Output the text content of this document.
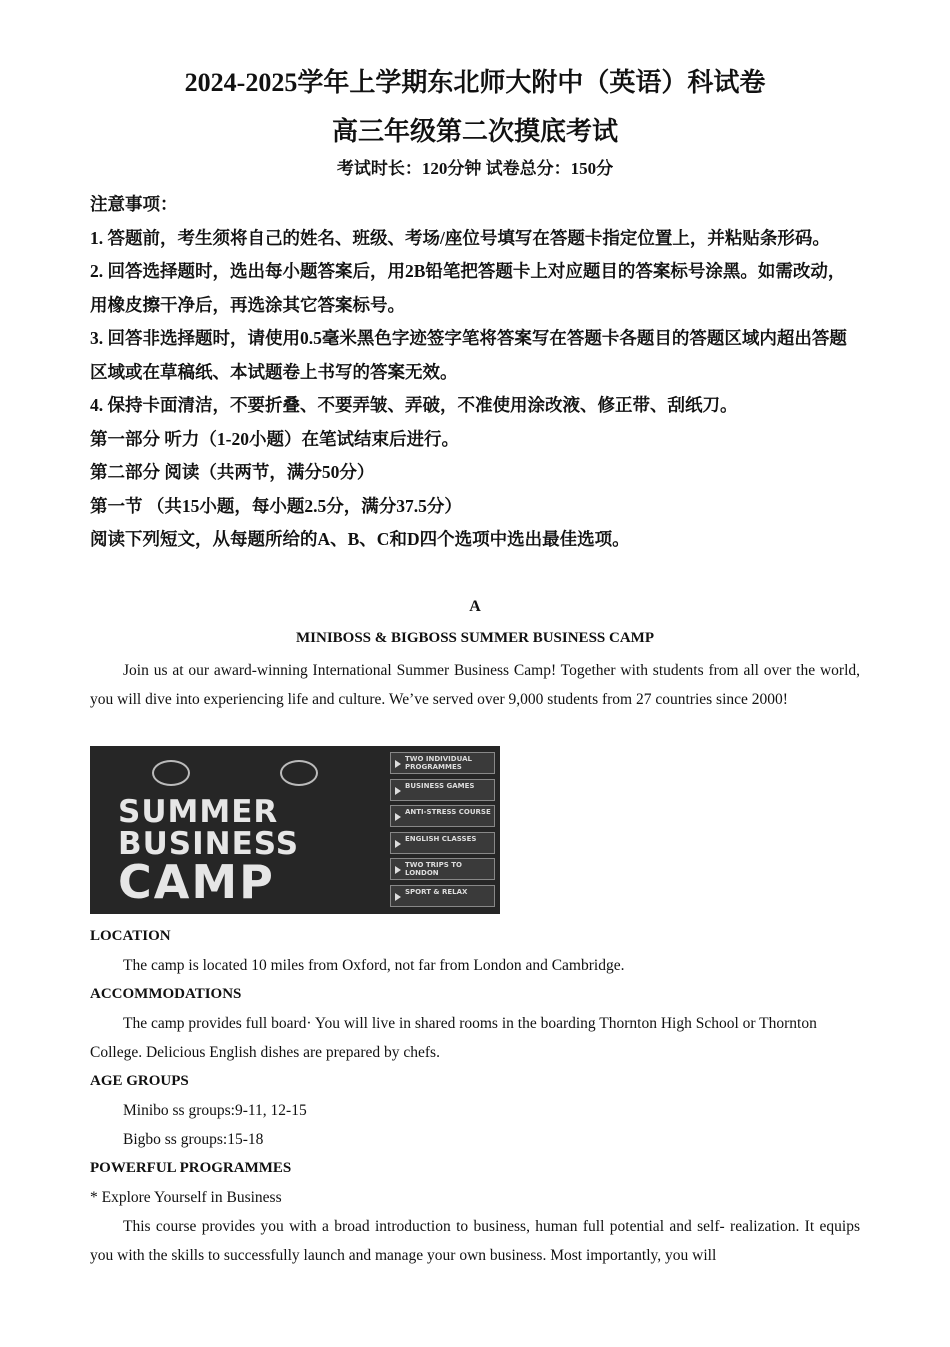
2024-2025学年上学期东北师大附中（英语）科试卷
高三年级第二次摸底考试
考试时长：120分钟 试卷总分：150分

注意事项：

1. 答题前，考生须将自己的姓名、班级、考场/座位号填写在答题卡指定位置上，并粘贴条形码。

2. 回答选择题时，选出每小题答案后，用2B铅笔把答题卡上对应题目的答案标号涂黑。如需改动，用橡皮擦干净后，再选涂其它答案标号。

3. 回答非选择题时，请使用0.5毫米黑色字迹签字笔将答案写在答题卡各题目的答题区域内超出答题区域或在草稿纸、本试题卷上书写的答案无效。

4. 保持卡面清洁，不要折叠、不要弄皱、弄破，不准使用涂改液、修正带、刮纸刀。

第一部分 听力（1-20小题）在笔试结束后进行。

第二部分 阅读（共两节，满分50分）

第一节 （共15小题，每小题2.5分，满分37.5分）

阅读下列短文，从每题所给的A、B、C和D四个选项中选出最佳选项。

A
MINIBOSS & BIGBOSS SUMMER BUSINESS CAMP

Join us at our award-winning International Summer Business Camp! Together with students from all over the world, you will dive into experiencing life and culture. We’ve served over 9,000 students from 27 countries since 2000!

SUMMER
BUSINESS
CAMP
TWO INDIVIDUAL PROGRAMMES
BUSINESS GAMES
ANTI-STRESS COURSE
ENGLISH CLASSES
TWO TRIPS TO LONDON
SPORT & RELAX

LOCATION

The camp is located 10 miles from Oxford, not far from London and Cambridge.

ACCOMMODATIONS

The camp provides full board· You will live in shared rooms in the boarding Thornton High School or Thornton

College. Delicious English dishes are prepared by chefs.

AGE GROUPS

Minibo ss groups:9-11, 12-15

Bigbo ss groups:15-18

POWERFUL PROGRAMMES

* Explore Yourself in Business

This course provides you with a broad introduction to business, human full potential and self- realization. It equips you with the skills to successfully launch and manage your own business. Most importantly, you will
